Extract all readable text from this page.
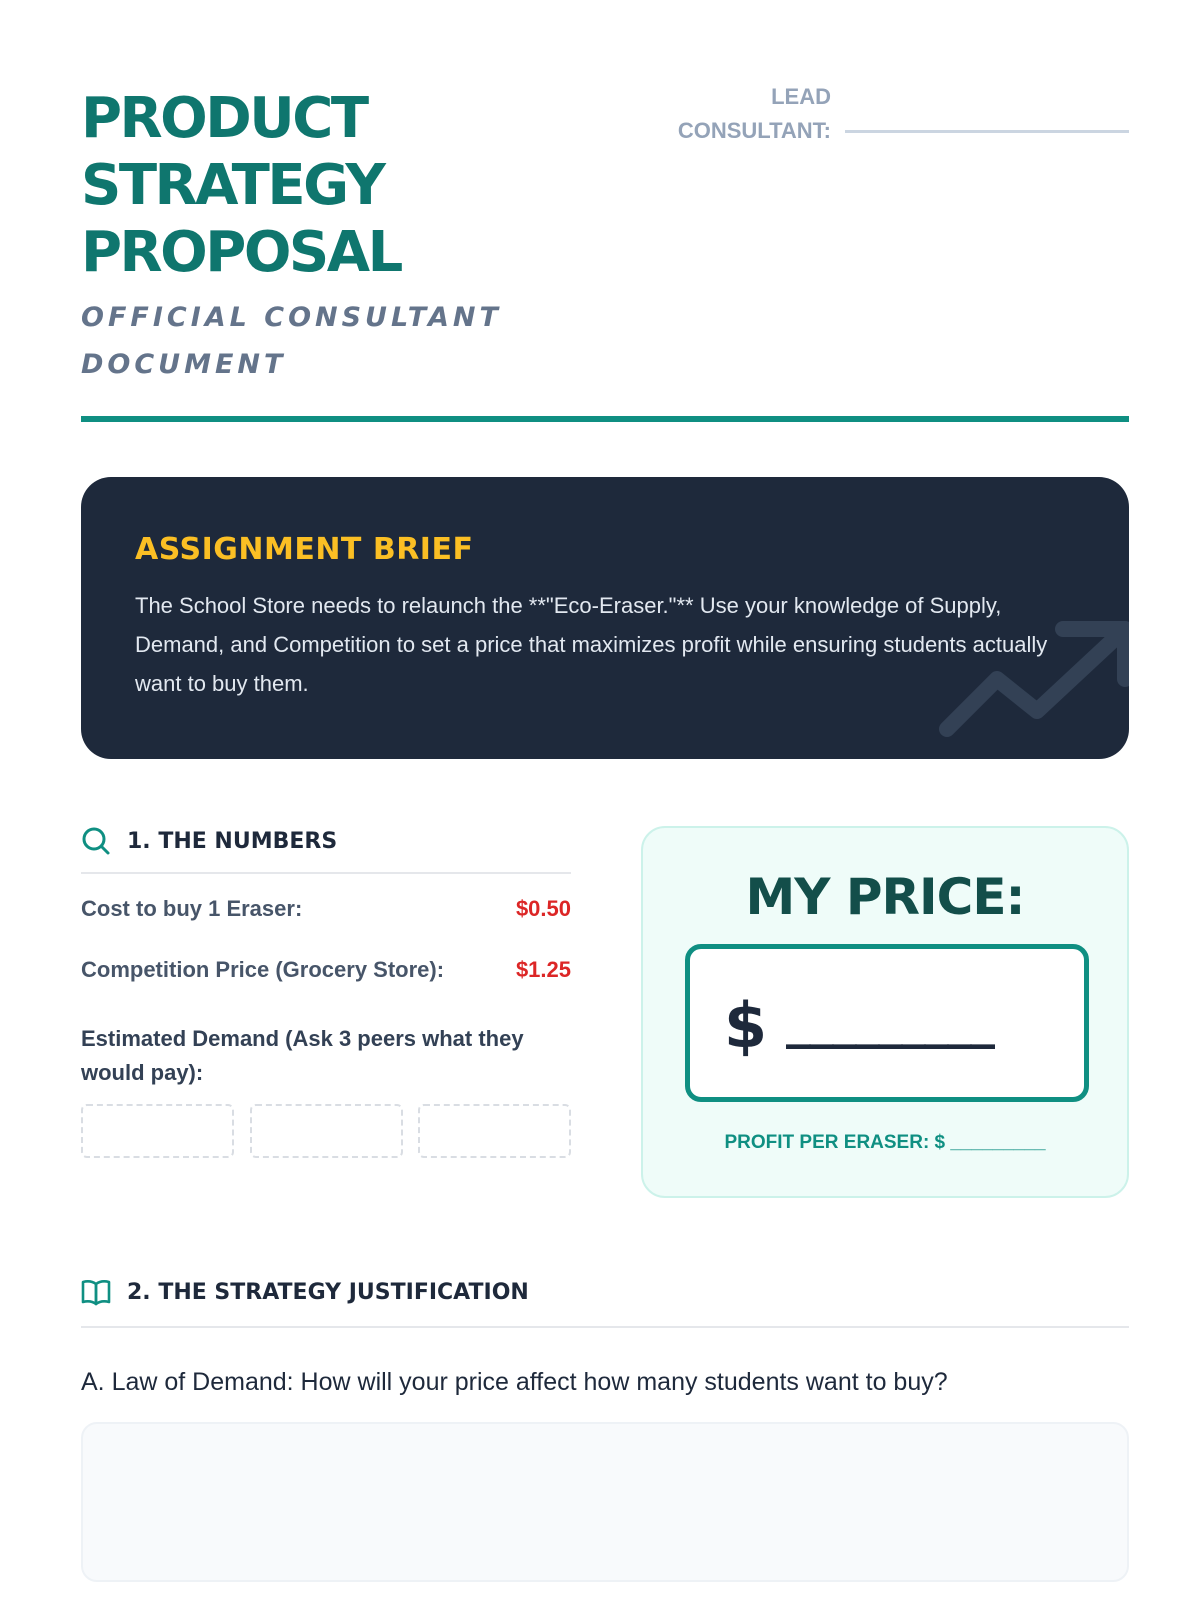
PRODUCT
STRATEGY
PROPOSAL
OFFICIAL CONSULTANT
DOCUMENT
LEAD
CONSULTANT:
ASSIGNMENT BRIEF
The School Store needs to relaunch the **"Eco-Eraser."** Use your knowledge of Supply, Demand, and Competition to set a price that maximizes profit while ensuring students actually want to buy them.
1. THE NUMBERS
Cost to buy 1 Eraser:	$0.50
Competition Price (Grocery Store):	$1.25
Estimated Demand (Ask 3 peers what they would pay):
MY PRICE:
$ _________
PROFIT PER ERASER: $ _________
2. THE STRATEGY JUSTIFICATION
A. Law of Demand: How will your price affect how many students want to buy?
